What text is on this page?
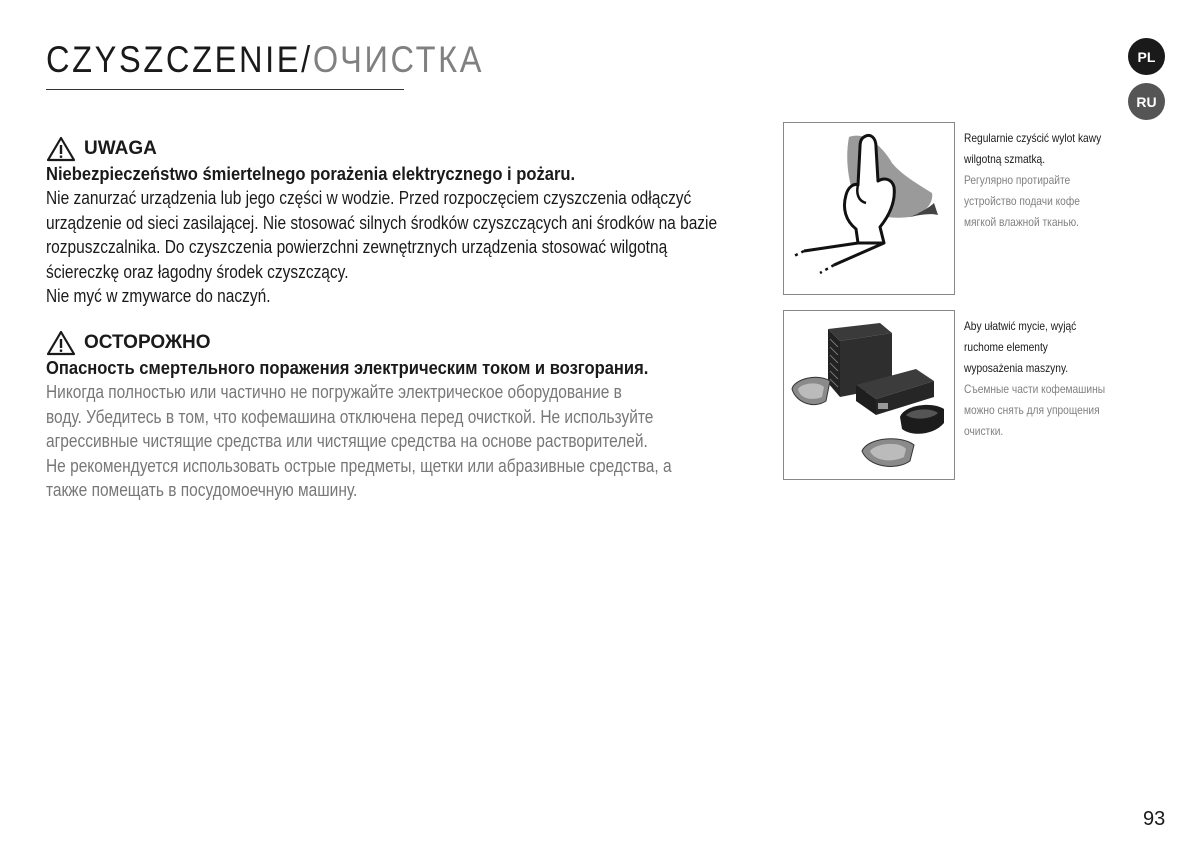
CZYSZCZENIE/ОЧИСТКА	PL
RU
UWAGA
Niebezpieczeństwo śmiertelnego porażenia elektrycznego i pożaru.
Nie zanurzać urządzenia lub jego części w wodzie. Przed rozpoczęciem czyszczenia odłączyć
urządzenie od sieci zasilającej. Nie stosować silnych środków czyszczących ani środków na bazie
rozpuszczalnika. Do czyszczenia powierzchni zewnętrznych urządzenia stosować wilgotną
ściereczkę oraz łagodny środek czyszczący.
Nie myć w zmywarce do naczyń.
ОСТОРОЖНО
Опасность смертельного поражения электрическим током и возгорания.
Никогда полностью или частично не погружайте электрическое оборудование в
воду. Убедитесь в том, что кофемашина отключена перед очисткой. Не используйте
агрессивные чистящие средства или чистящие средства на основе растворителей.
Не рекомендуется использовать острые предметы, щетки или абразивные средства, а
также помещать в посудомоечную машину.
Regularnie czyścić wylot kawy
wilgotną szmatką.
Регулярно протирайте
устройство подачи кофе
мягкой влажной тканью.
Aby ułatwić mycie, wyjąć
ruchome elementy
wyposażenia maszyny.
Съемные части кофемашины
можно снять для упрощения
очистки.
93
